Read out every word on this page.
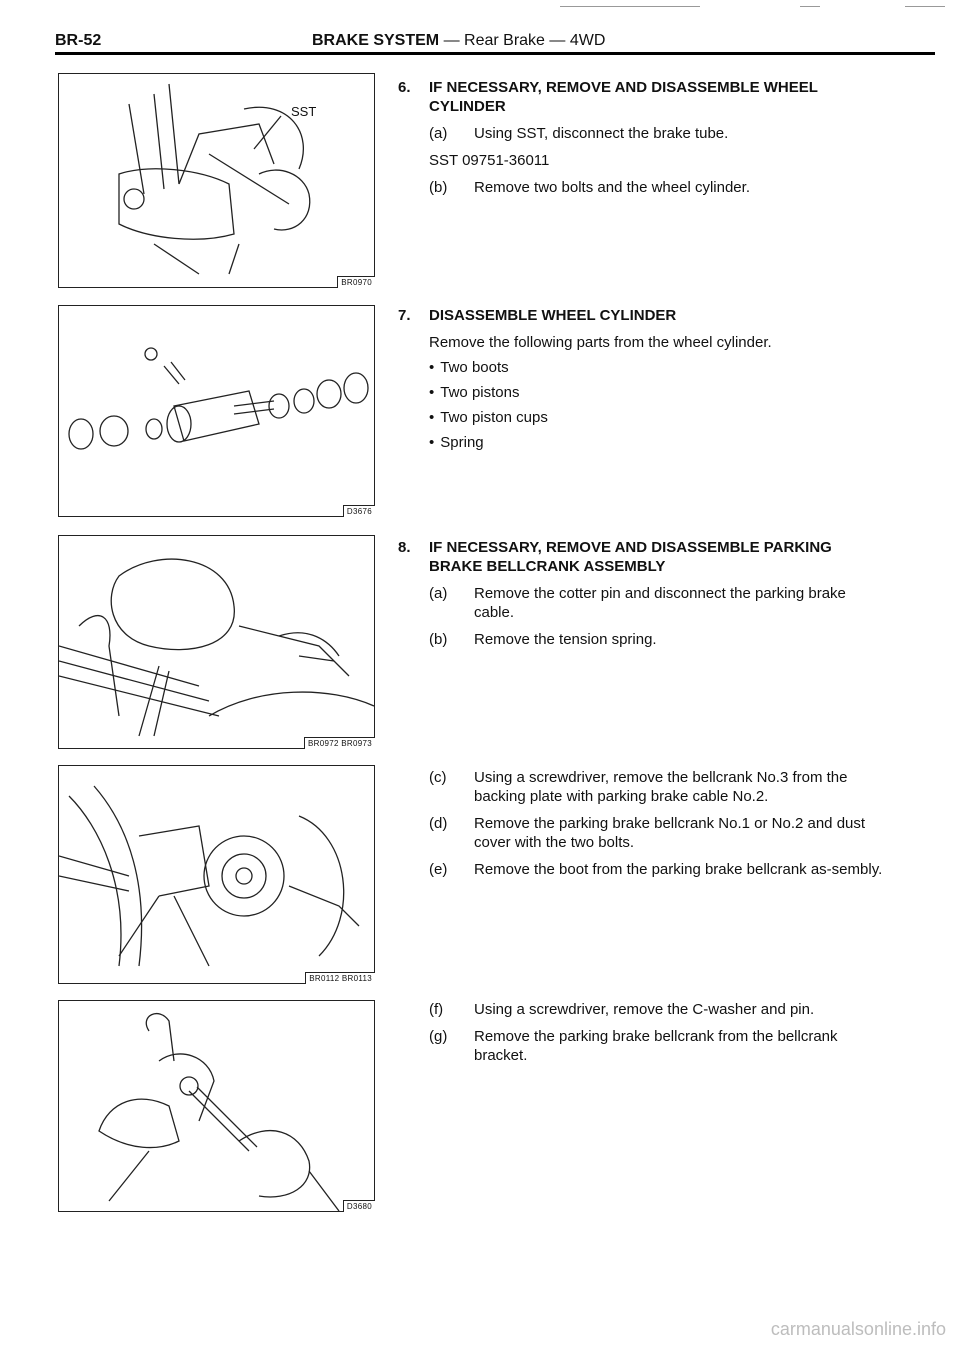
BR-52	BRAKE SYSTEM — Rear Brake — 4WD
SST
BR0970
D3676
BR0972 BR0973
BR0112 BR0113
D3680
6. IF NECESSARY, REMOVE AND DISASSEMBLE WHEEL CYLINDER
(a) Using SST, disconnect the brake tube.
SST 09751-36011
(b) Remove two bolts and the wheel cylinder.
7. DISASSEMBLE WHEEL CYLINDER
Remove the following parts from the wheel cylinder.
• Two boots
• Two pistons
• Two piston cups
• Spring
8. IF NECESSARY, REMOVE AND DISASSEMBLE PARKING BRAKE BELLCRANK ASSEMBLY
(a) Remove the cotter pin and disconnect the parking brake cable.
(b) Remove the tension spring.
(c) Using a screwdriver, remove the bellcrank No.3 from the backing plate with parking brake cable No.2.
(d) Remove the parking brake bellcrank No.1 or No.2 and dust cover with the two bolts.
(e) Remove the boot from the parking brake bellcrank as-sembly.
(f) Using a screwdriver, remove the C-washer and pin.
(g) Remove the parking brake bellcrank from the bellcrank bracket.
carmanualsonline.info
